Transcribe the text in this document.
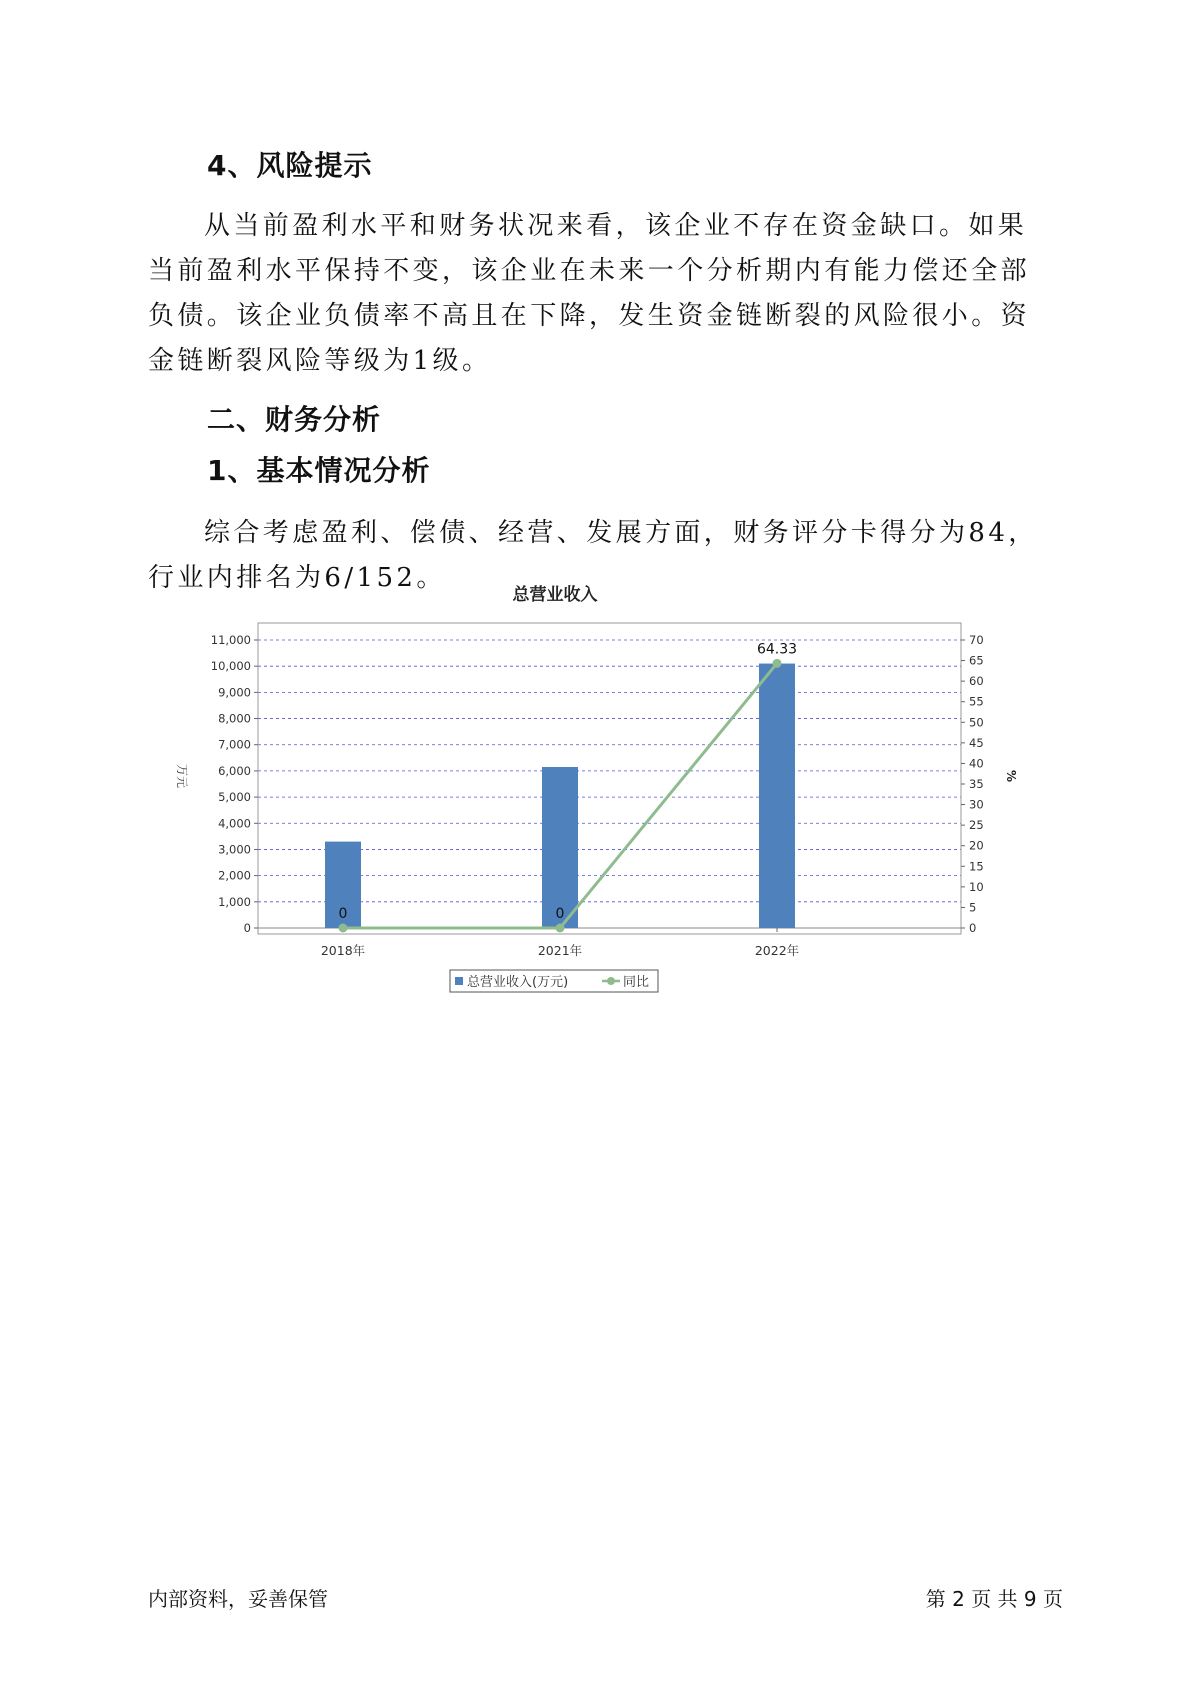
4、风险提示

从当前盈利水平和财务状况来看，该企业不存在资金缺口。如果当前盈利水平保持不变，该企业在未来一个分析期内有能力偿还全部负债。该企业负债率不高且在下降，发生资金链断裂的风险很小。资金链断裂风险等级为1级。

二、财务分析
1、基本情况分析

综合考虑盈利、偿债、经营、发展方面，财务评分卡得分为84，行业内排名为6/152。

总营业收入
0
1,000
2,000
3,000
4,000
5,000
6,000
7,000
8,000
9,000
10,000
11,000
0
5
10
15
20
25
30
35
40
45
50
55
60
65
70
万元	%
2018年	2021年	2022年
0	0
64.33
总营业收入(万元)	同比
内部资料，妥善保管	第 2 页 共 9 页
